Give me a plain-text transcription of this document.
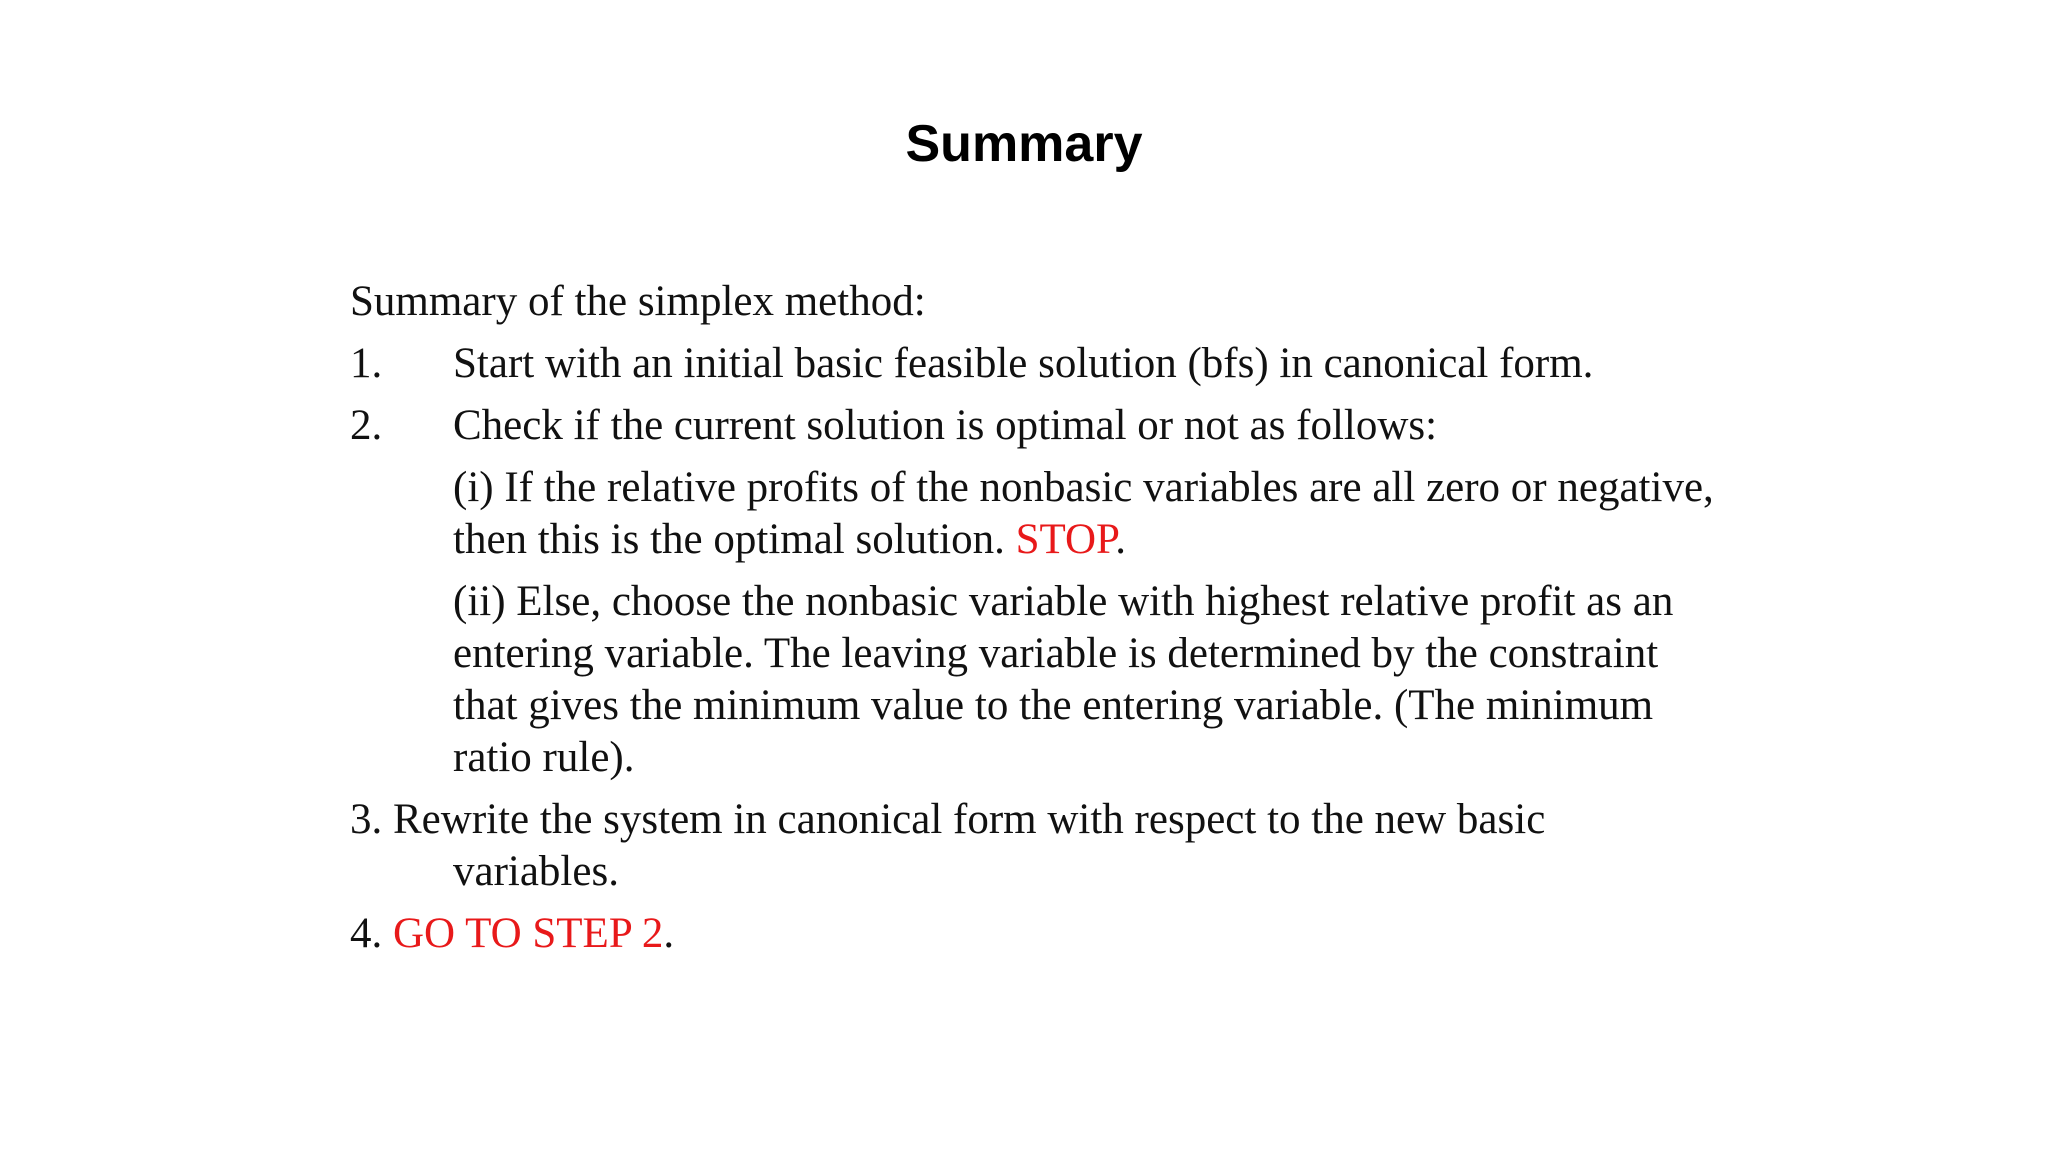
Summary
Summary of the simplex method:
1. Start with an initial basic feasible solution (bfs) in canonical form.
2. Check if the current solution is optimal or not as follows:
(i) If the relative profits of the nonbasic variables are all zero or negative,
then this is the optimal solution. STOP.
(ii) Else, choose the nonbasic variable with highest relative profit as an
entering variable. The leaving variable is determined by the constraint
that gives the minimum value to the entering variable. (The minimum
ratio rule).
3. Rewrite the system in canonical form with respect to the new basic
variables.
4. GO TO STEP 2.
